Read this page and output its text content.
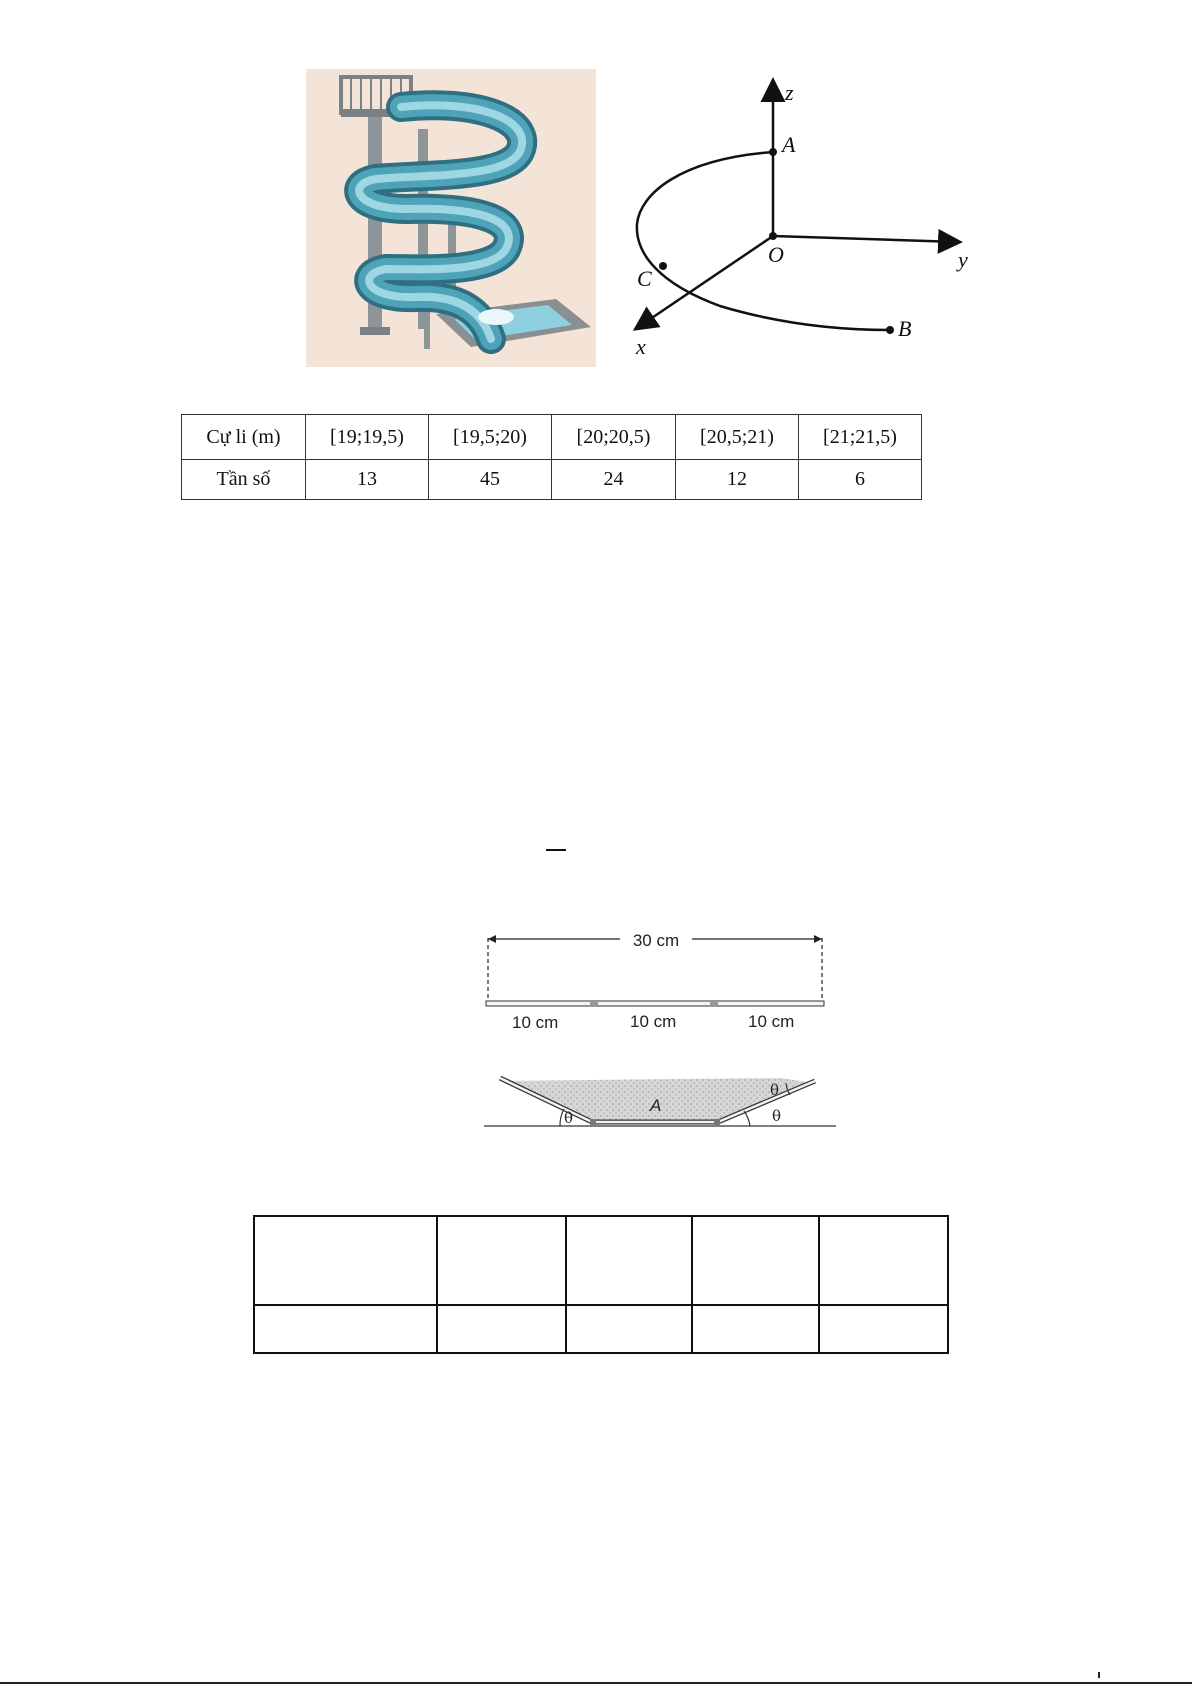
z
A
O	y
C
B
x
Cự li (m)	[19;19,5)	[19,5;20)	[20;20,5)	[20,5;21)	[21;21,5)
Tần số	13	45	24	12	6
30 cm
10 cm	10 cm	10 cm
θ	θ
θ
A
